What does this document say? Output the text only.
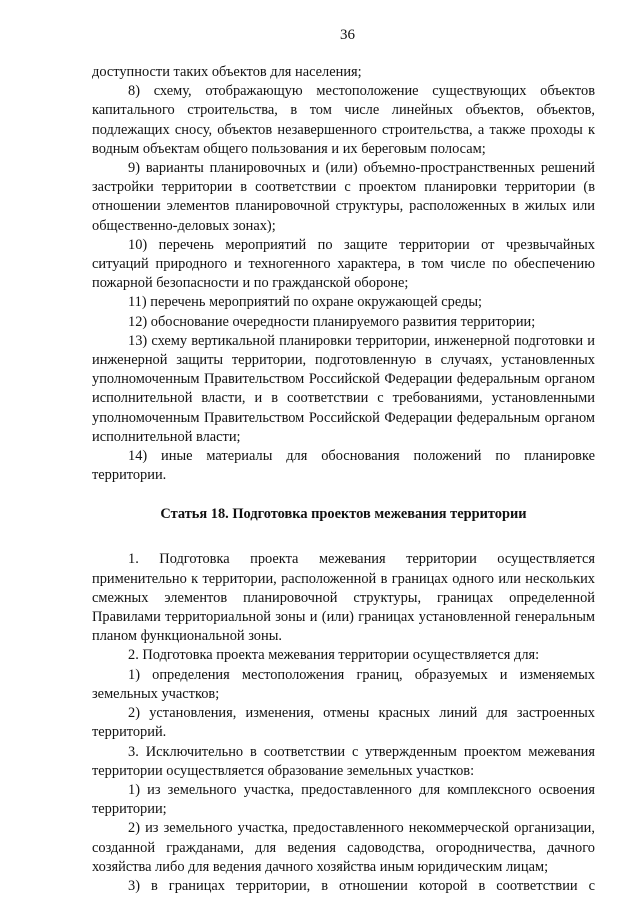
36

доступности таких объектов для населения;

8) схему, отображающую местоположение существующих объектов капитального строительства, в том числе линейных объектов, объектов, подлежащих сносу, объектов незавершенного строительства, а также проходы к водным объектам общего пользования и их береговым полосам;

9) варианты планировочных и (или) объемно-пространственных решений застройки территории в соответствии с проектом планировки территории (в отношении элементов планировочной структуры, расположенных в жилых или общественно-деловых зонах);

10) перечень мероприятий по защите территории от чрезвычайных ситуаций природного и техногенного характера, в том числе по обеспечению пожарной безопасности и по гражданской обороне;

11) перечень мероприятий по охране окружающей среды;

12) обоснование очередности планируемого развития территории;

13) схему вертикальной планировки территории, инженерной подготовки и инженерной защиты территории, подготовленную в случаях, установленных уполномоченным Правительством Российской Федерации федеральным органом исполнительной власти, и в соответствии с требованиями, установленными уполномоченным Правительством Российской Федерации федеральным органом исполнительной власти;

14) иные материалы для обоснования положений по планировке территории.

Статья 18. Подготовка проектов межевания территории

1. Подготовка проекта межевания территории осуществляется применительно к территории, расположенной в границах одного или нескольких смежных элементов планировочной структуры, границах определенной Правилами территориальной зоны и (или) границах установленной генеральным планом функциональной зоны.

2. Подготовка проекта межевания территории осуществляется для:

1) определения местоположения границ, образуемых и изменяемых земельных участков;

2) установления, изменения, отмены красных линий для застроенных территорий.

3. Исключительно в соответствии с утвержденным проектом межевания территории осуществляется образование земельных участков:

1) из земельного участка, предоставленного для комплексного освоения территории;

2) из земельного участка, предоставленного некоммерческой организации, созданной гражданами, для ведения садоводства, огородничества, дачного хозяйства либо для ведения дачного хозяйства иным юридическим лицам;

3) в границах территории, в отношении которой в соответствии с
